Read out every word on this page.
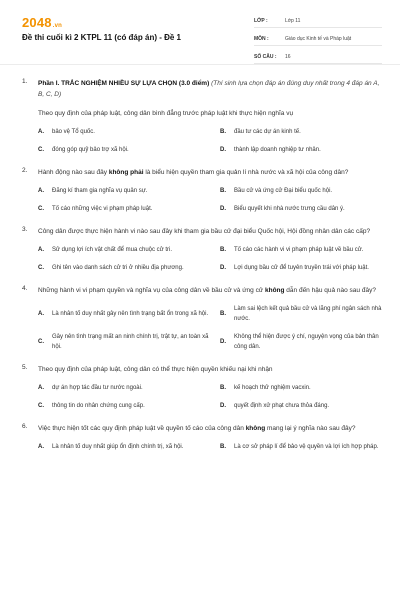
2048.vn
Đề thi cuối kì 2 KTPL 11 (có đáp án) - Đề 1
LỚP :	Lớp 11
MÔN :	Giáo dục Kinh tế và Pháp luật
SỐ CÂU :	16
1. Phần I. TRẮC NGHIỆM NHIỀU SỰ LỰA CHỌN (3.0 điểm) (Thí sinh lựa chọn đáp án đúng duy nhất trong 4 đáp án A, B, C, D)
Theo quy định của pháp luật, công dân bình đẳng trước pháp luật khi thực hiện nghĩa vụ
A.	bảo vệ Tổ quốc.	B.	đầu tư các dự án kinh tế.
C.	đóng góp quỹ bảo trợ xã hội.	D.	thành lập doanh nghiệp tư nhân.
2. Hành động nào sau đây không phải là biểu hiện quyền tham gia quản lí nhà nước và xã hội của công dân?
A.	Đăng kí tham gia nghĩa vụ quân sự.	B.	Bầu cử và ứng cử Đại biểu quốc hội.
C.	Tố cáo những việc vi phạm pháp luật.	D.	Biểu quyết khi nhà nước trưng cầu dân ý.
3. Công dân được thực hiện hành vi nào sau đây khi tham gia bầu cử đại biểu Quốc hội, Hội đồng nhân dân các cấp?
A.	Sử dụng lợi ích vật chất để mua chuộc cử tri.	B.	Tố cáo các hành vi vi phạm pháp luật về bầu cử.
C.	Ghi tên vào danh sách cử tri ở nhiều địa phương.	D.	Lợi dụng bầu cử để tuyên truyền trái với pháp luật.
4. Những hành vi vi phạm quyền và nghĩa vụ của công dân về bầu cử và ứng cử không dẫn đến hậu quả nào sau đây?
A.	Là nhân tố duy nhất gây nên tình trạng bất ổn trong xã hội.	B.
Làm sai lệch kết quả bầu cử và lãng phí ngân sách nhà nước.
C.
Gây nên tình trạng mất an ninh chính trị, trật tự, an toàn xã hội.
D.
Không thể hiện được ý chí, nguyện vọng của bản thân công dân.
5. Theo quy định của pháp luật, công dân có thể thực hiện quyền khiếu nại khi nhận
A.	dự án hợp tác đầu tư nước ngoài.	B.	kế hoạch thử nghiệm vacxin.
C.	thông tin do nhân chứng cung cấp.	D.	quyết định xử phạt chưa thỏa đáng.
6. Việc thực hiện tốt các quy định pháp luật về quyền tố cáo của công dân không mang lại ý nghĩa nào sau đây?
A.	Là nhân tố duy nhất giúp ổn định chính trị, xã hội.	B.	Là cơ sở pháp lí để bảo vệ quyền và lợi ích hợp pháp.
